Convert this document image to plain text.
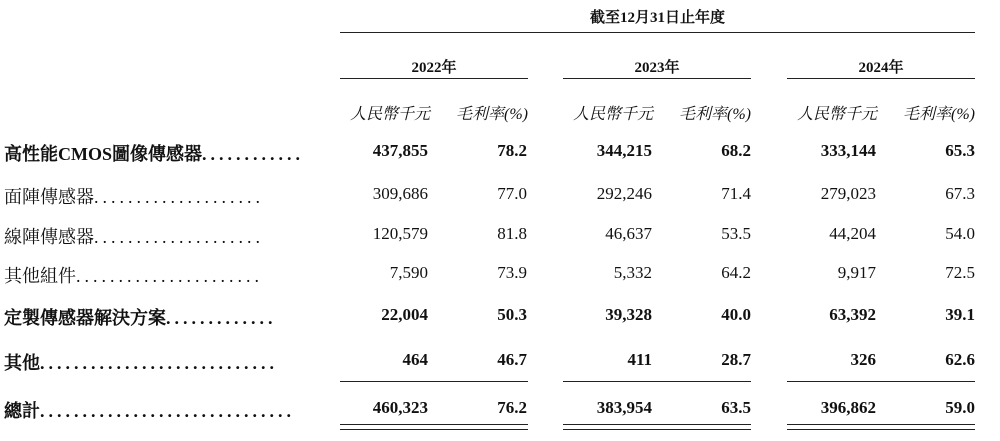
截至12月31日止年度
2022年	2023年	2024年
人民幣千元	毛利率(%)	人民幣千元	毛利率(%)	人民幣千元	毛利率(%)
高性能CMOS圖像傳感器............	437,855	78.2	344,215	68.2	333,144	65.3
面陣傳感器....................	309,686	77.0	292,246	71.4	279,023	67.3
線陣傳感器....................	120,579	81.8	46,637	53.5	44,204	54.0
其他組件......................	7,590	73.9	5,332	64.2	9,917	72.5
定製傳感器解決方案.............	22,004	50.3	39,328	40.0	63,392	39.1
其他............................	464	46.7	411	28.7	326	62.6
總計..............................	460,323	76.2	383,954	63.5	396,862	59.0
